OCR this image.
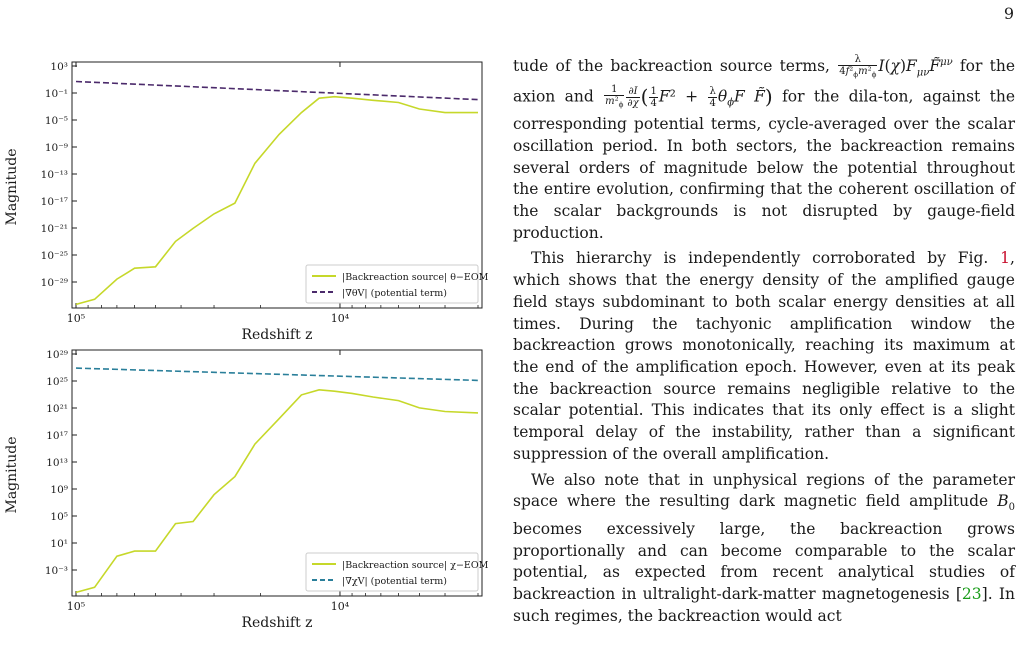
9
10³
10⁻¹
10⁻⁵
10⁻⁹
10⁻¹³
10⁻¹⁷
10⁻²¹
10⁻²⁵
10⁻²⁹
10⁵	10⁴
Magnitude
Redshift z
|Backreaction source| θ−EOM
|∇θV| (potential term)
10²⁹
10²⁵
10²¹
10¹⁷
10¹³
10⁹
10⁵
10¹
10⁻³
10⁵	10⁴
Magnitude
Redshift z
|Backreaction source| χ−EOM
|∇χV| (potential term)

tude of the backreaction source terms, $\frac{\lambda}{4f^2_\phi m^2_\phi}$ $I(\chi)F_{\mu\nu}F̃^{\mu\nu}$ for the axion and $\frac{1}{m^2_\phi} \frac{\partial I}{\partial\chi}$ ( $\frac{1}{4} F^2 + \frac{\lambda}{4} \theta_\phi F$ F̃) for the dila-ton, against the corresponding potential terms, cycle-averaged over the scalar oscillation period. In both sectors, the backreaction remains several orders of magnitude below the potential throughout the entire evolution, confirming that the coherent oscillation of the scalar backgrounds is not disrupted by gauge-field production.

This hierarchy is independently corroborated by Fig. 1, which shows that the energy density of the amplified gauge field stays subdominant to both scalar energy densities at all times. During the tachyonic amplification window the backreaction grows monotonically, reaching its maximum at the end of the amplification epoch. However, even at its peak the backreaction source remains negligible relative to the scalar potential. This indicates that its only effect is a slight temporal delay of the instability, rather than a significant suppression of the overall amplification.

We also note that in unphysical regions of the parameter space where the resulting dark magnetic field amplitude $B_0$ becomes excessively large, the backreaction grows proportionally and can become comparable to the scalar potential, as expected from recent analytical studies of backreaction in ultralight-dark-matter magnetogenesis [23]. In such regimes, the backreaction would act
